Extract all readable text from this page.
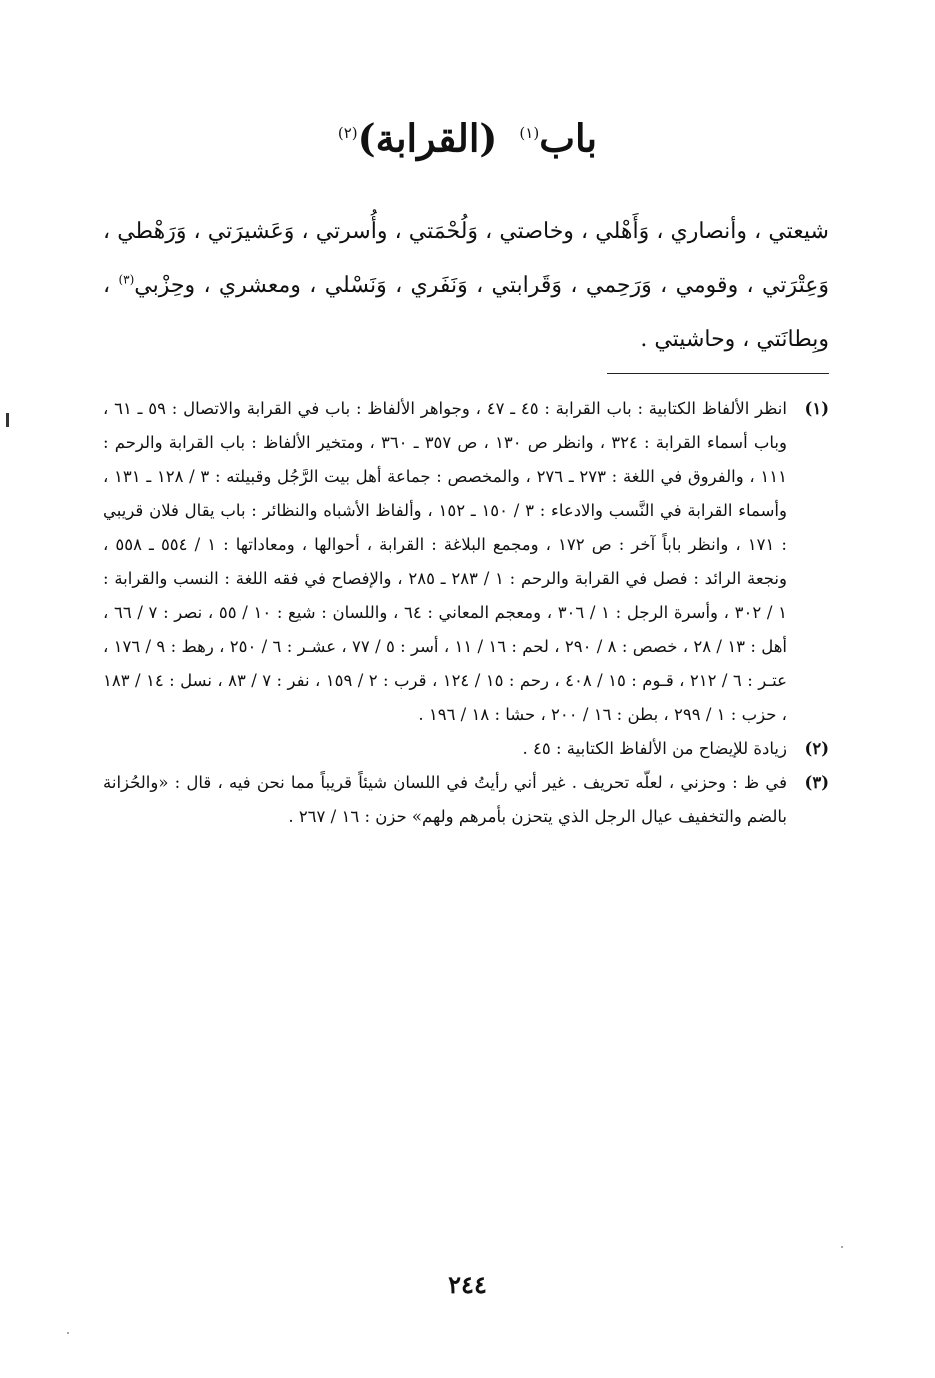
باب$^{(١)}$(القرابة)$^{(٢)}$

شيعتي ، وأنصاري ، وَأَهْلي ، وخاصتي ، وَلُحْمَتي ، وأُسرتي ، وَعَشيرَتي ، وَرَهْطي ، وَعِتْرَتي ، وقومي ، وَرَحِمي ، وَقَرابتي ، وَنَفَري ، وَنَسْلي ، ومعشري ، وحِزْبي$^{(٣)}$ ، وبِطانَتي ، وحاشيتي .

(١)
انظر الألفاظ الكتابية : باب القرابة : ٤٥ ـ ٤٧ ، وجواهر الألفاظ : باب في القرابة والاتصال : ٥٩ ـ ٦١ ، وباب أسماء القرابة : ٣٢٤ ، وانظر ص ١٣٠ ، ص ٣٥٧ ـ ٣٦٠ ، ومتخير الألفاظ : باب القرابة والرحم : ١١١ ، والفروق في اللغة : ٢٧٣ ـ ٢٧٦ ، والمخصص : جماعة أهل بيت الرَّجُل وقبيلته : ٣ / ١٢٨ ـ ١٣١ ، وأسماء القرابة في النَّسب والادعاء : ٣ / ١٥٠ ـ ١٥٢ ، وألفاظ الأشباه والنظائر : باب يقال فلان قريبي : ١٧١ ، وانظر باباً آخر : ص ١٧٢ ، ومجمع البلاغة : القرابة ، أحوالها ، ومعاداتها : ١ / ٥٥٤ ـ ٥٥٨ ، ونجعة الرائد : فصل في القرابة والرحم : ١ / ٢٨٣ ـ ٢٨٥ ، والإفصاح في فقه اللغة : النسب والقرابة : ١ / ٣٠٢ ، وأسرة الرجل : ١ / ٣٠٦ ، ومعجم المعاني : ٦٤ ، واللسان : شيع : ١٠ / ٥٥ ، نصر : ٧ / ٦٦ ، أهل : ١٣ / ٢٨ ، خصص : ٨ / ٢٩٠ ، لحم : ١٦ / ١١ ، أسر : ٥ / ٧٧ ، عشـر : ٦ / ٢٥٠ ، رهط : ٩ / ١٧٦ ، عتـر : ٦ / ٢١٢ ، قـوم : ١٥ / ٤٠٨ ، رحم : ١٥ / ١٢٤ ، قرب : ٢ / ١٥٩ ، نفر : ٧ / ٨٣ ، نسل : ١٤ / ١٨٣ ، حزب : ١ / ٢٩٩ ، بطن : ١٦ / ٢٠٠ ، حشا : ١٨ / ١٩٦ .

(٢)
زيادة للإيضاح من الألفاظ الكتابية : ٤٥ .

(٣)
في ظ : وحزني ، لعلّه تحريف . غير أني رأيتُ في اللسان شيئاً قريباً مما نحن فيه ، قال : «والحُزانة بالضم والتخفيف عيال الرجل الذي يتحزن بأمرهم ولهم» حزن : ١٦ / ٢٦٧ .

٢٤٤
